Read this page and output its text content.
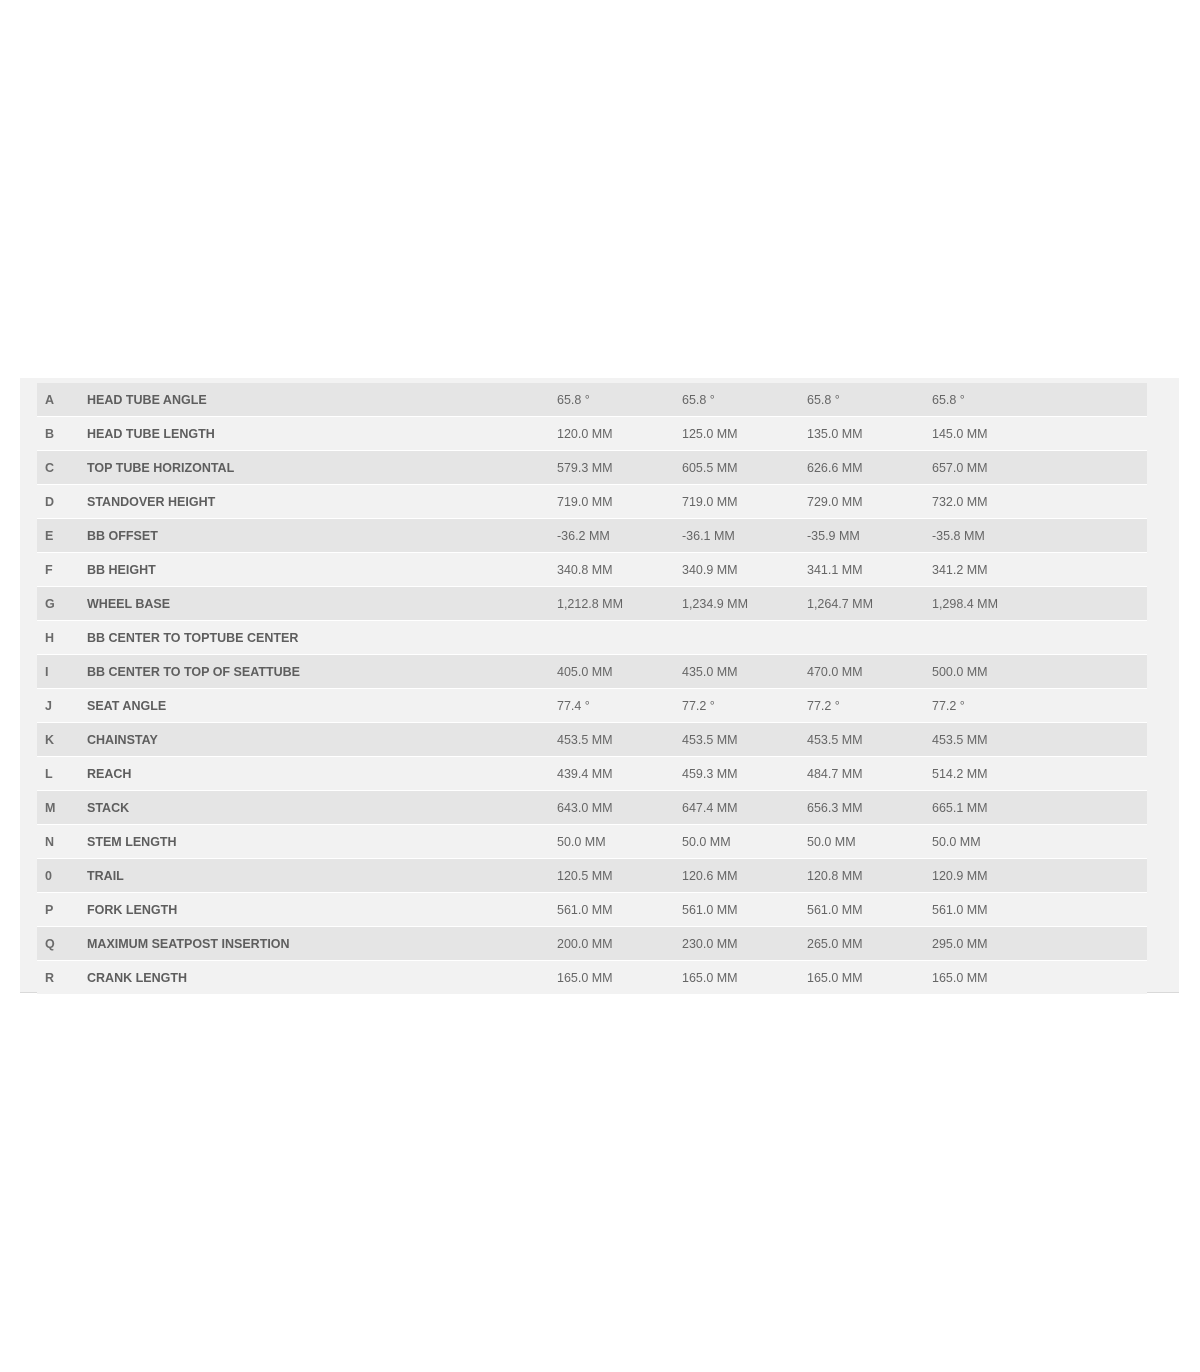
A	HEAD TUBE ANGLE	65.8 °	65.8 °	65.8 °	65.8 °	
B	HEAD TUBE LENGTH	120.0 MM	125.0 MM	135.0 MM	145.0 MM	
C	TOP TUBE HORIZONTAL	579.3 MM	605.5 MM	626.6 MM	657.0 MM	
D	STANDOVER HEIGHT	719.0 MM	719.0 MM	729.0 MM	732.0 MM	
E	BB OFFSET	-36.2 MM	-36.1 MM	-35.9 MM	-35.8 MM	
F	BB HEIGHT	340.8 MM	340.9 MM	341.1 MM	341.2 MM	
G	WHEEL BASE	1,212.8 MM	1,234.9 MM	1,264.7 MM	1,298.4 MM	
H	BB CENTER TO TOPTUBE CENTER					
I	BB CENTER TO TOP OF SEATTUBE	405.0 MM	435.0 MM	470.0 MM	500.0 MM	
J	SEAT ANGLE	77.4 °	77.2 °	77.2 °	77.2 °	
K	CHAINSTAY	453.5 MM	453.5 MM	453.5 MM	453.5 MM	
L	REACH	439.4 MM	459.3 MM	484.7 MM	514.2 MM	
M	STACK	643.0 MM	647.4 MM	656.3 MM	665.1 MM	
N	STEM LENGTH	50.0 MM	50.0 MM	50.0 MM	50.0 MM	
0	TRAIL	120.5 MM	120.6 MM	120.8 MM	120.9 MM	
P	FORK LENGTH	561.0 MM	561.0 MM	561.0 MM	561.0 MM	
Q	MAXIMUM SEATPOST INSERTION	200.0 MM	230.0 MM	265.0 MM	295.0 MM	
R	CRANK LENGTH	165.0 MM	165.0 MM	165.0 MM	165.0 MM	
